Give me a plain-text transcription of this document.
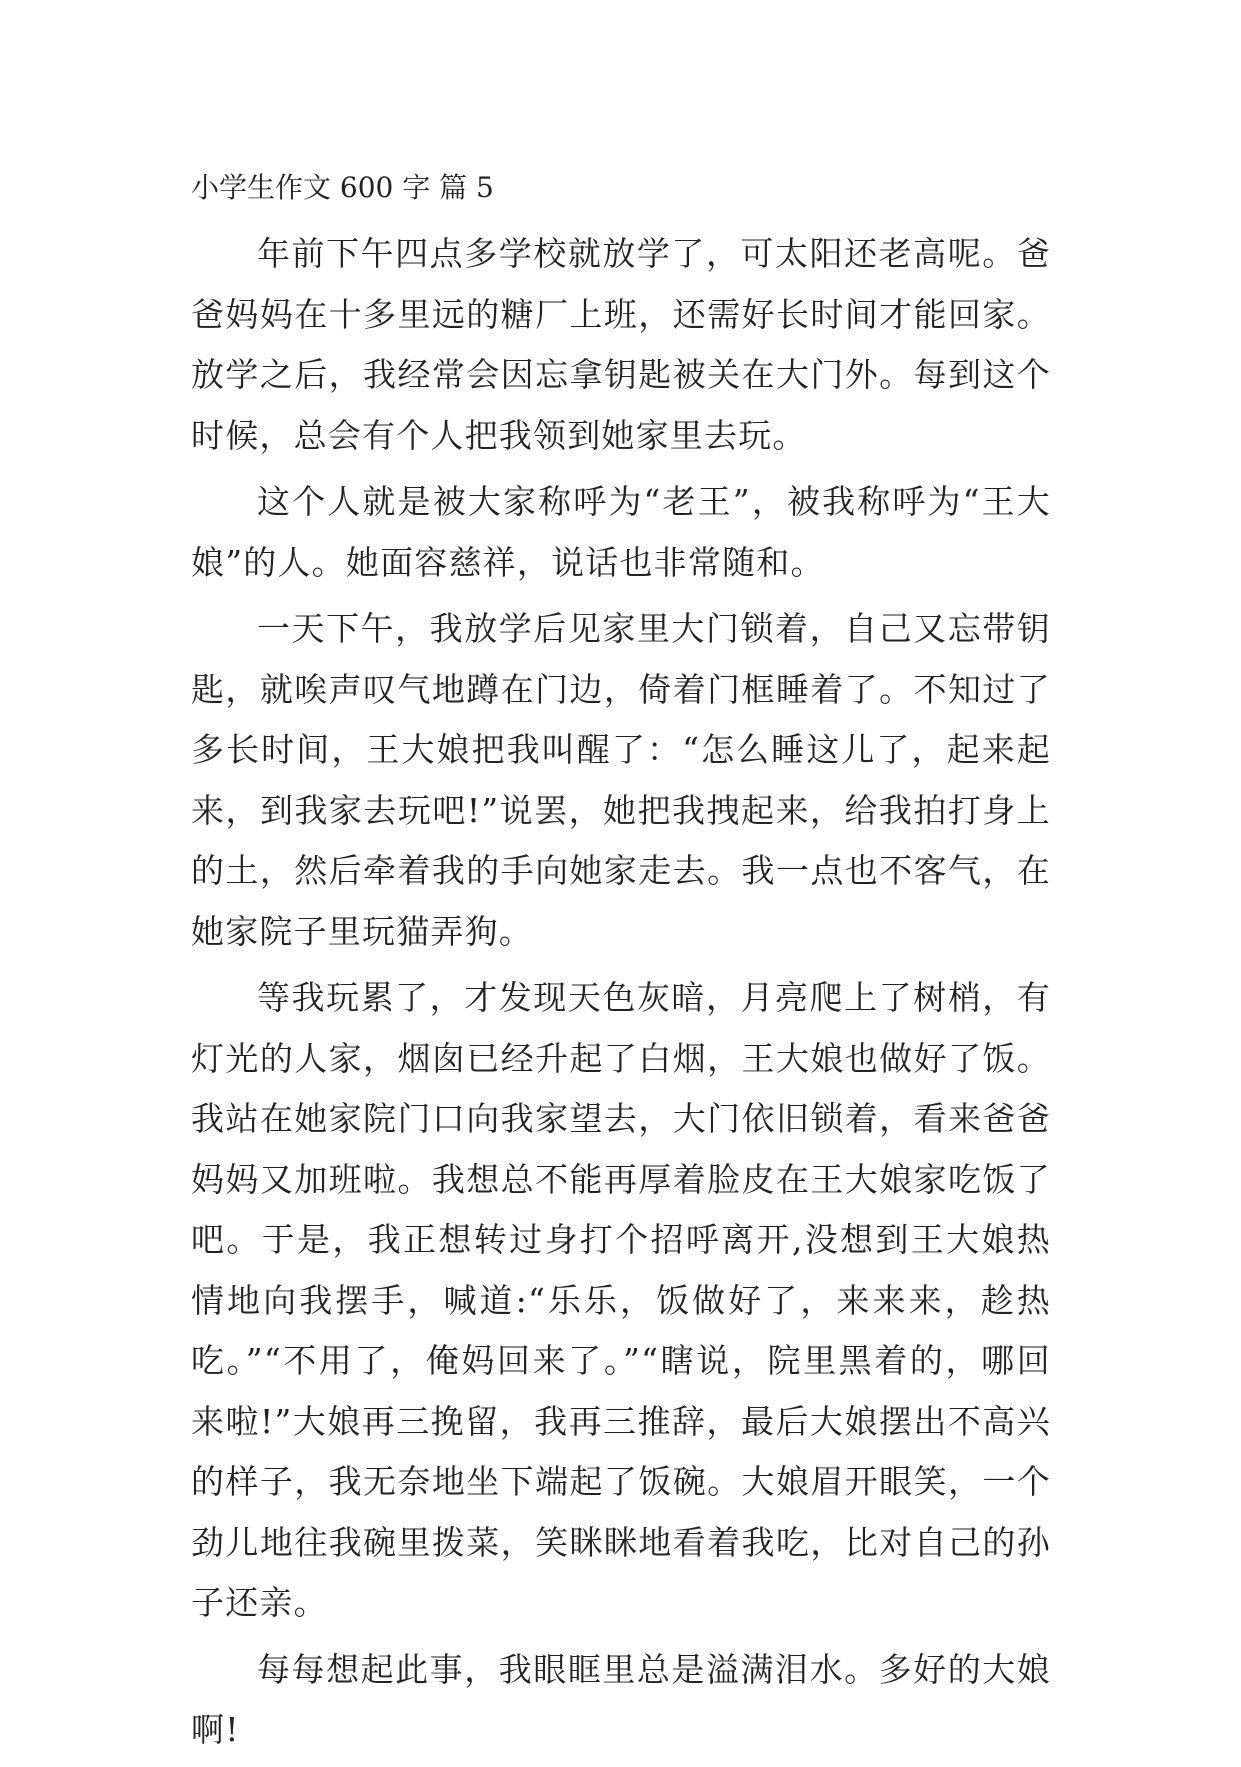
小学生作文 600 字 篇 5

年前下午四点多学校就放学了，可太阳还老高呢。爸爸妈妈在十多里远的糖厂上班，还需好长时间才能回家。放学之后，我经常会因忘拿钥匙被关在大门外。每到这个时候，总会有个人把我领到她家里去玩。

这个人就是被大家称呼为“老王”，被我称呼为“王大娘”的人。她面容慈祥，说话也非常随和。

一天下午，我放学后见家里大门锁着，自己又忘带钥匙，就唉声叹气地蹲在门边，倚着门框睡着了。不知过了多长时间，王大娘把我叫醒了：“怎么睡这儿了，起来起来，到我家去玩吧!”说罢，她把我拽起来，给我拍打身上的土，然后牵着我的手向她家走去。我一点也不客气，在她家院子里玩猫弄狗。

等我玩累了，才发现天色灰暗，月亮爬上了树梢，有灯光的人家，烟囱已经升起了白烟，王大娘也做好了饭。我站在她家院门口向我家望去，大门依旧锁着，看来爸爸妈妈又加班啦。我想总不能再厚着脸皮在王大娘家吃饭了吧。于是，我正想转过身打个招呼离开,没想到王大娘热情地向我摆手，喊道:“乐乐，饭做好了，来来来，趁热吃。”“不用了，俺妈回来了。”“瞎说，院里黑着的，哪回来啦!”大娘再三挽留，我再三推辞，最后大娘摆出不高兴的样子，我无奈地坐下端起了饭碗。大娘眉开眼笑，一个劲儿地往我碗里拨菜，笑眯眯地看着我吃，比对自己的孙子还亲。

每每想起此事，我眼眶里总是溢满泪水。多好的大娘啊!
